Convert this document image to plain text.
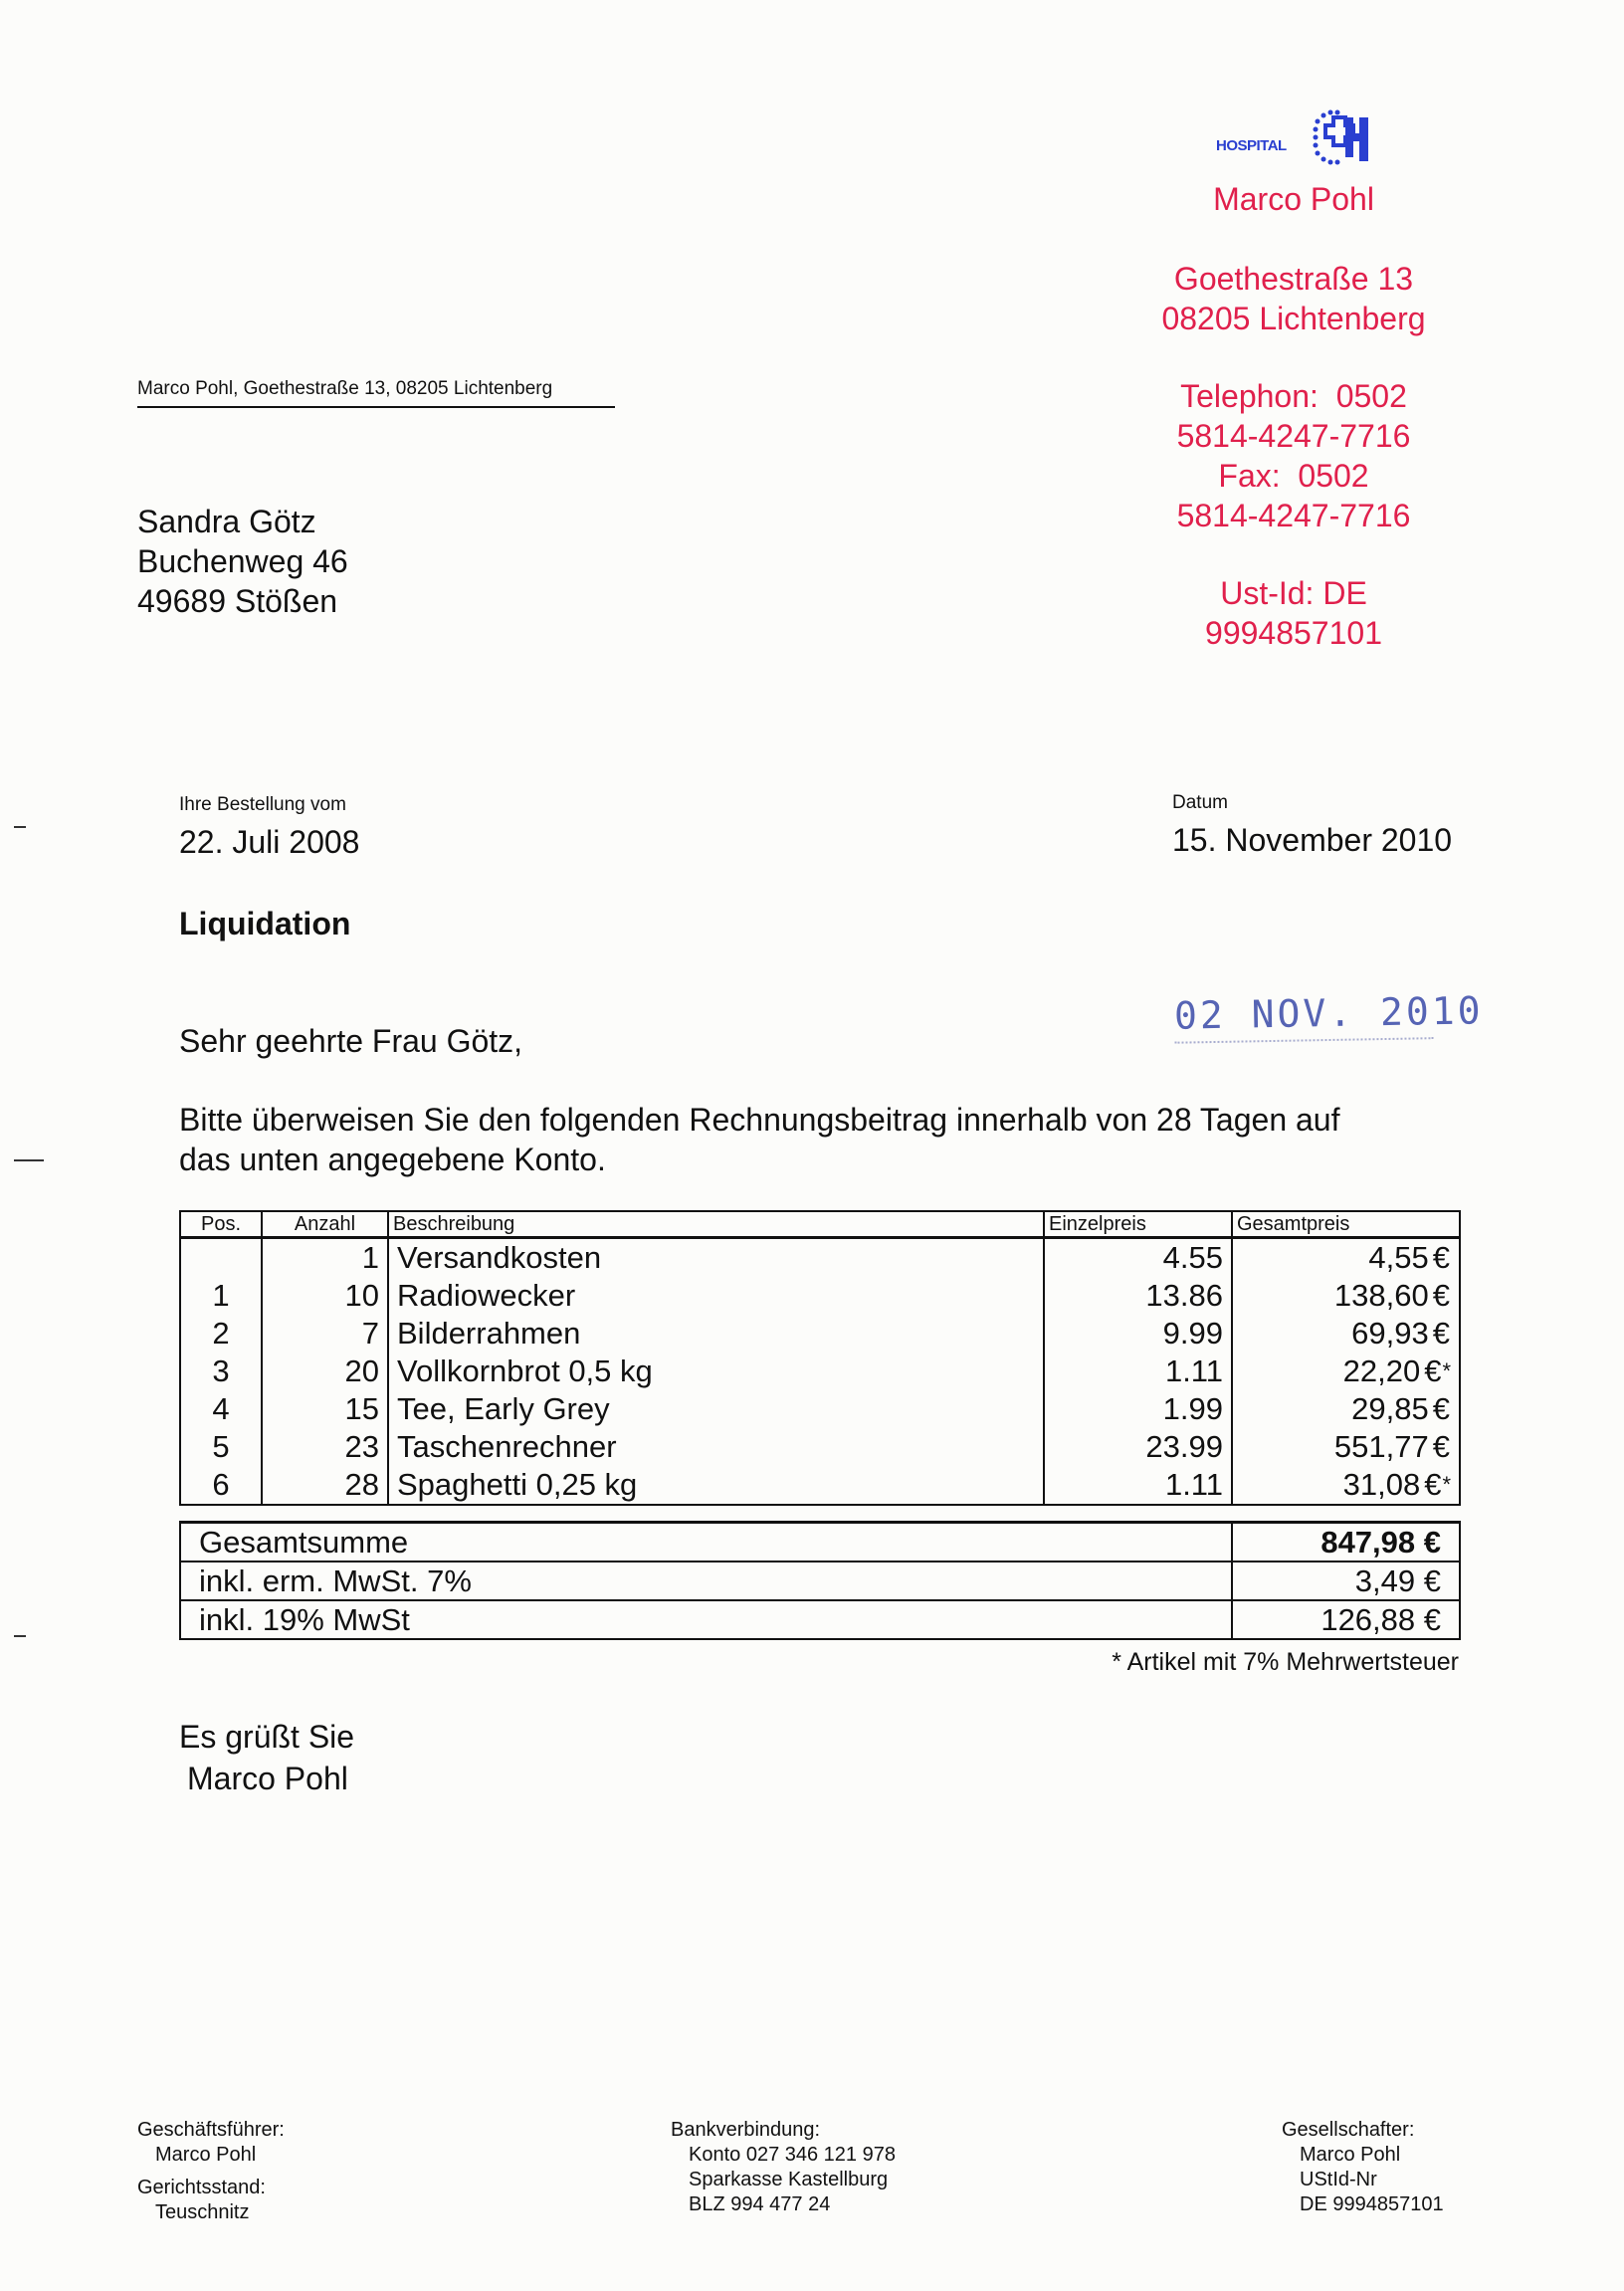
HOSPITAL
Marco Pohl
Goethestraße 13
08205 Lichtenberg
Telephon: 0502
5814-4247-7716
Fax: 0502
5814-4247-7716
Ust-Id: DE
9994857101
Marco Pohl, Goethestraße 13, 08205 Lichtenberg
Sandra Götz
Buchenweg 46
49689 Stößen
Ihre Bestellung vom
22. Juli 2008
Datum
15. November 2010
Liquidation
02 NOV. 2010
Sehr geehrte Frau Götz,
Bitte überweisen Sie den folgenden Rechnungsbeitrag innerhalb von 28 Tagen auf
das unten angegebene Konto.
Pos.	Anzahl	Beschreibung	Einzelpreis	Gesamtpreis
	1	Versandkosten	4.55	4,55 €
1	10	Radiowecker	13.86	138,60 €
2	7	Bilderrahmen	9.99	69,93 €
3	20	Vollkornbrot 0,5 kg	1.11	22,20 €*
4	15	Tee, Early Grey	1.99	29,85 €
5	23	Taschenrechner	23.99	551,77 €
6	28	Spaghetti 0,25 kg	1.11	31,08 €*
Gesamtsumme	847,98 €
inkl. erm. MwSt. 7%	3,49 €
inkl. 19% MwSt	126,88 €
* Artikel mit 7% Mehrwertsteuer
Es grüßt Sie
Marco Pohl
Geschäftsführer:
Marco Pohl
Gerichtsstand:
Teuschnitz
Bankverbindung:
Konto 027 346 121 978
Sparkasse Kastellburg
BLZ 994 477 24
Gesellschafter:
Marco Pohl
UStId-Nr
DE 9994857101
